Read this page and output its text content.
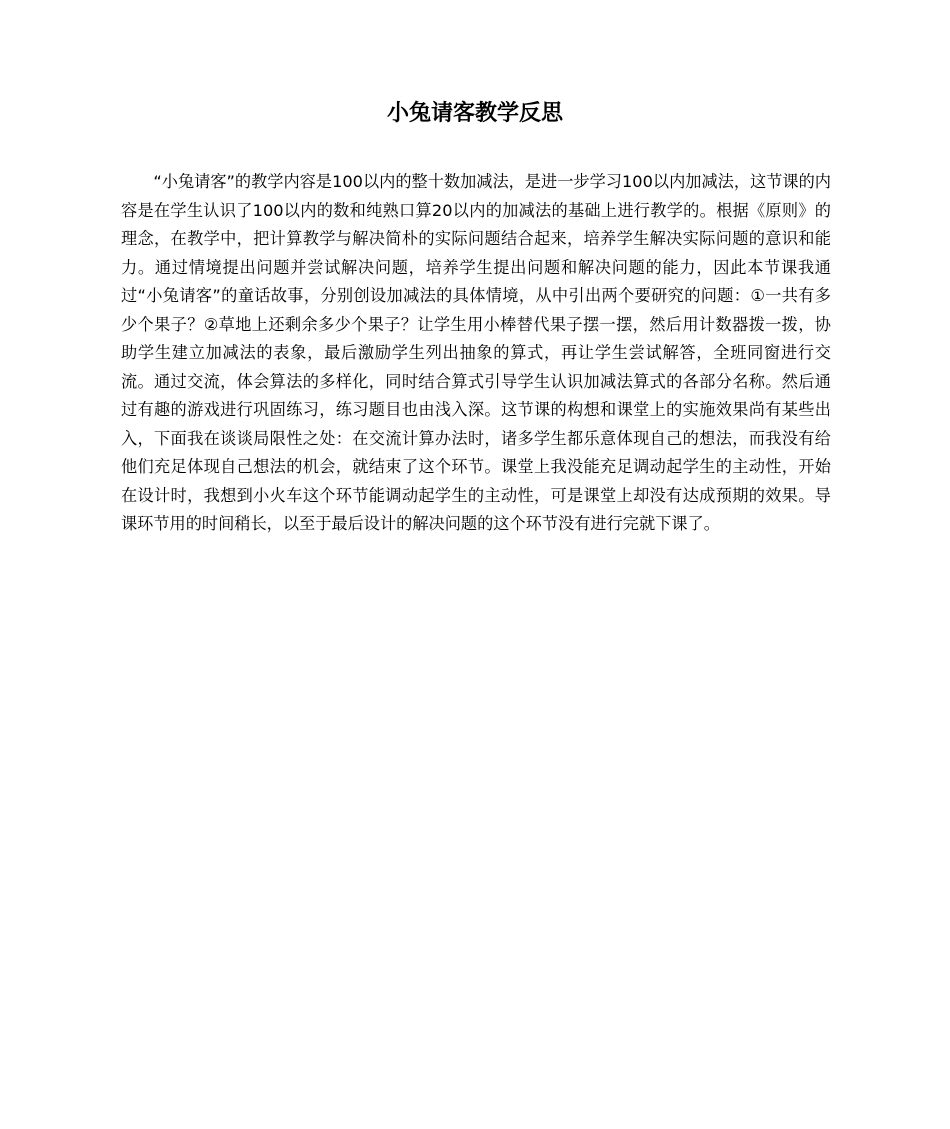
小兔请客教学反思

“小兔请客”的教学内容是100以内的整十数加减法，是进一步学习100以内加减法，这节课的内容是在学生认识了100以内的数和纯熟口算20以内的加减法的基础上进行教学的。根据《原则》的理念，在教学中，把计算教学与解决简朴的实际问题结合起来，培养学生解决实际问题的意识和能力。通过情境提出问题并尝试解决问题，培养学生提出问题和解决问题的能力，因此本节课我通过“小兔请客”的童话故事，分别创设加减法的具体情境，从中引出两个要研究的问题：①一共有多少个果子？②草地上还剩余多少个果子？让学生用小棒替代果子摆一摆，然后用计数器拨一拨，协助学生建立加减法的表象，最后激励学生列出抽象的算式，再让学生尝试解答，全班同窗进行交流。通过交流，体会算法的多样化，同时结合算式引导学生认识加减法算式的各部分名称。然后通过有趣的游戏进行巩固练习，练习题目也由浅入深。这节课的构想和课堂上的实施效果尚有某些出入，下面我在谈谈局限性之处：在交流计算办法时，诸多学生都乐意体现自己的想法，而我没有给他们充足体现自己想法的机会，就结束了这个环节。课堂上我没能充足调动起学生的主动性，开始在设计时，我想到小火车这个环节能调动起学生的主动性，可是课堂上却没有达成预期的效果。导课环节用的时间稍长，以至于最后设计的解决问题的这个环节没有进行完就下课了。
